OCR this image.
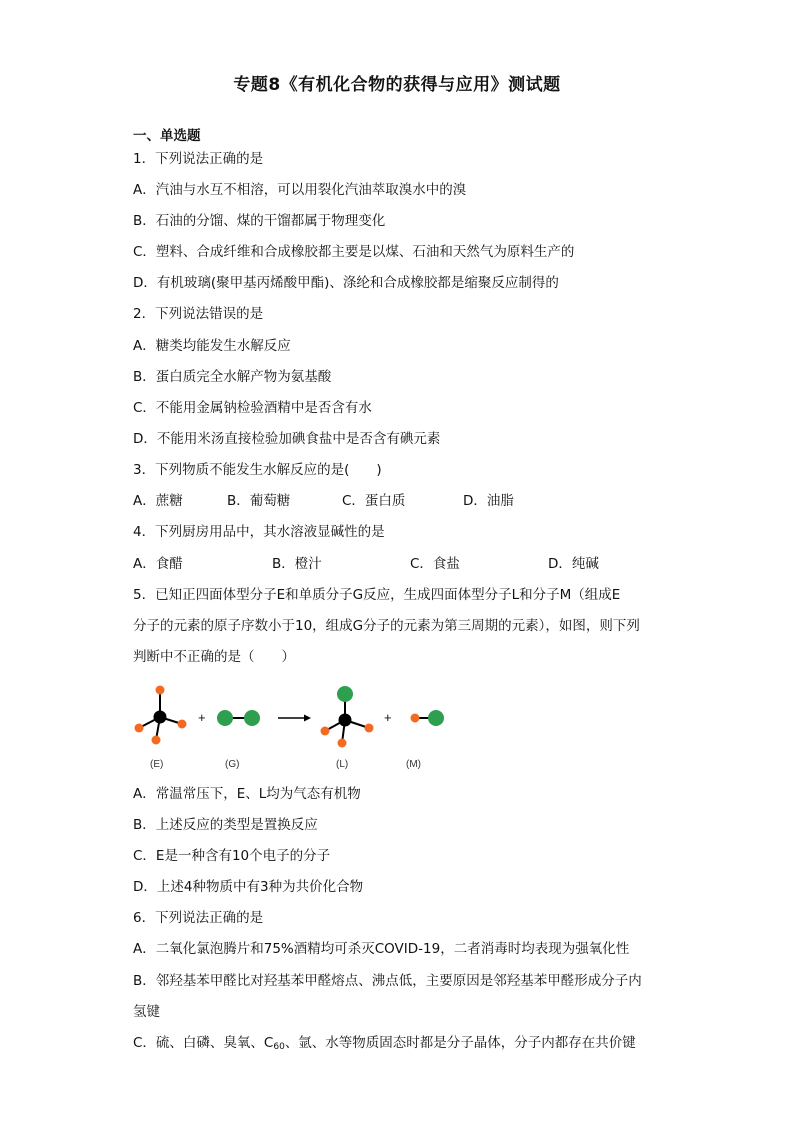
专题8《有机化合物的获得与应用》测试题
一、单选题
1．下列说法正确的是
A．汽油与水互不相溶，可以用裂化汽油萃取溴水中的溴
B．石油的分馏、煤的干馏都属于物理变化
C．塑料、合成纤维和合成橡胶都主要是以煤、石油和天然气为原料生产的
D．有机玻璃(聚甲基丙烯酸甲酯)、涤纶和合成橡胶都是缩聚反应制得的
2．下列说法错误的是
A．糖类均能发生水解反应
B．蛋白质完全水解产物为氨基酸
C．不能用金属钠检验酒精中是否含有水
D．不能用米汤直接检验加碘食盐中是否含有碘元素
3．下列物质不能发生水解反应的是(　　)
A．蔗糖	B．葡萄糖	C．蛋白质	D．油脂
4．下列厨房用品中，其水溶液显碱性的是
A．食醋	B．橙汁	C．食盐	D．纯碱
5．已知正四面体型分子E和单质分子G反应，生成四面体型分子L和分子M（组成E
分子的元素的原子序数小于10，组成G分子的元素为第三周期的元素），如图，则下列
判断中不正确的是（　　）
+	+
(E)	(G)	(L)	(M)
A．常温常压下，E、L均为气态有机物
B．上述反应的类型是置换反应
C．E是一种含有10个电子的分子
D．上述4种物质中有3种为共价化合物
6．下列说法正确的是
A．二氧化氯泡腾片和75%酒精均可杀灭COVID-19，二者消毒时均表现为强氧化性
B．邻羟基苯甲醛比对羟基苯甲醛熔点、沸点低，主要原因是邻羟基苯甲醛形成分子内
氢键
C．硫、白磷、臭氧、$C_{60}$、氩、水等物质固态时都是分子晶体，分子内都存在共价键
